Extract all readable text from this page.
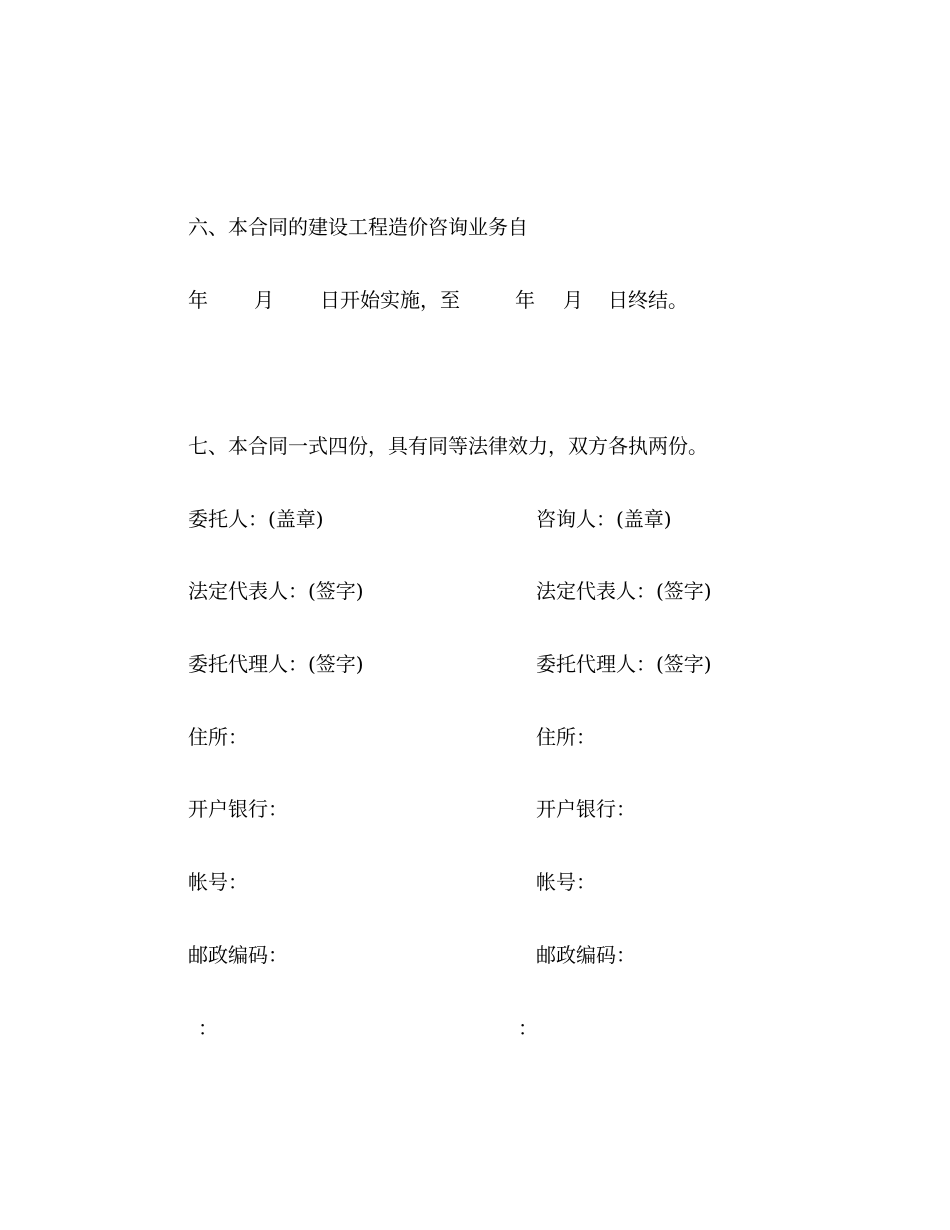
六、本合同的建设工程造价咨询业务自
年 月 日开始实施，至	年 月 日终结。
七、本合同一式四份，具有同等法律效力，双方各执两份。
委托人：(盖章)
法定代表人：(签字)
委托代理人：(签字)
住所：
开户银行：
帐号：
邮政编码：
：
咨询人：(盖章)
法定代表人：(签字)
委托代理人：(签字)
住所：
开户银行：
帐号：
邮政编码：
：
